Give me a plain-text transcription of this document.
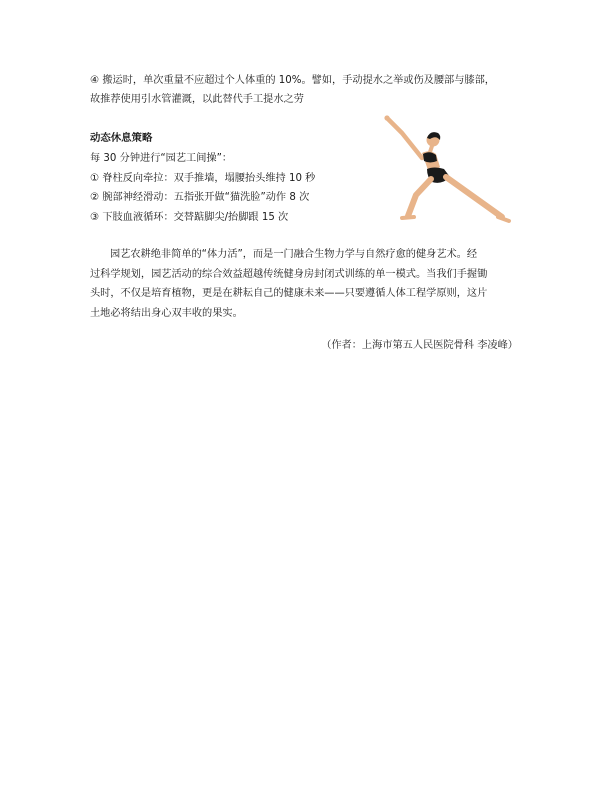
④ 搬运时，单次重量不应超过个人体重的 10%。譬如，手动提水之举或伤及腰部与膝部，
故推荐使用引水管灌溉，以此替代手工提水之劳

动态休息策略
每 30 分钟进行“园艺工间操”：
① 脊柱反向牵拉：双手推墙，塌腰抬头维持 10 秒
② 腕部神经滑动：五指张开做“猫洗脸”动作 8 次
③ 下肢血液循环：交替踮脚尖/抬脚跟 15 次

园艺农耕绝非简单的“体力活”，而是一门融合生物力学与自然疗愈的健身艺术。经
过科学规划，园艺活动的综合效益超越传统健身房封闭式训练的单一模式。当我们手握锄
头时，不仅是培育植物，更是在耕耘自己的健康未来——只要遵循人体工程学原则，这片
土地必将结出身心双丰收的果实。

（作者：上海市第五人民医院骨科 李凌峰）
